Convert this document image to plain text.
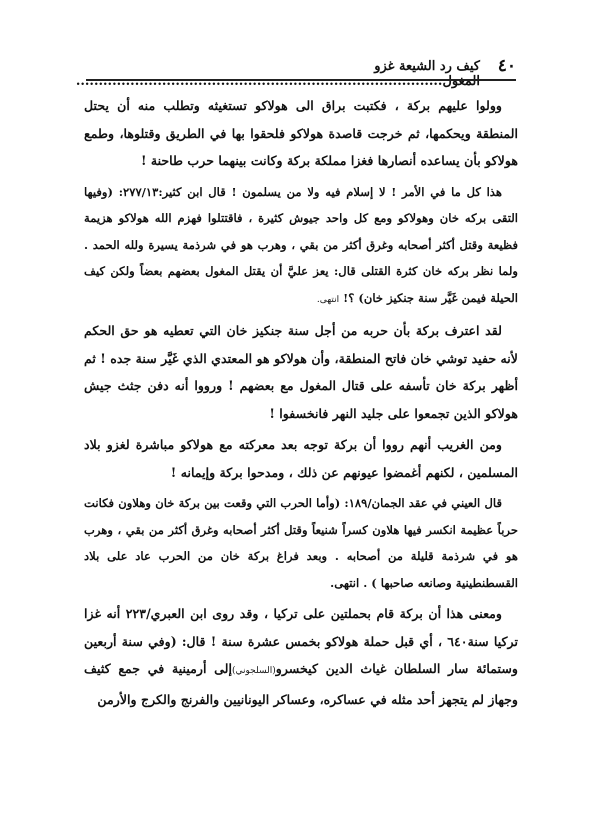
٤٠
كيف رد الشيعة غزو المغول.................................................................................

وولوا عليهم بركة ، فكتبت براق الى هولاكو تستغيثه وتطلب منه أن يحتل المنطقة ويحكمها، ثم خرجت قاصدة هولاكو فلحقوا بها في الطريق وقتلوها، وطمع هولاكو بأن يساعده أنصارها فغزا مملكة بركة وكانت بينهما حرب طاحنة !

هذا كل ما في الأمر ! لا إسلام فيه ولا من يسلمون ! قال ابن كثير:٢٧٧/١٣: (وفيها التقى بركه خان وهولاكو ومع كل واحد جيوش كثيرة ، فاقتتلوا فهزم الله هولاكو هزيمة فظيعة وقتل أكثر أصحابه وغرق أكثر من بقي ، وهرب هو في شرذمة يسيرة ولله الحمد . ولما نظر بركه خان كثرة القتلى قال: يعز عليَّ أن يقتل المغول بعضهم بعضاً ولكن كيف الحيلة فيمن غَيَّر سنة جنكيز خان) ؟! انتهى.

لقد اعترف بركة بأن حربه من أجل سنة جنكيز خان التي تعطيه هو حق الحكم لأنه حفيد توشي خان فاتح المنطقة، وأن هولاكو هو المعتدي الذي غَيَّر سنة جده ! ثم أظهر بركة خان تأسفه على قتال المغول مع بعضهم ! ورووا أنه دفن جثث جيش هولاكو الذين تجمعوا على جليد النهر فانخسفوا !

ومن الغريب أنهم رووا أن بركة توجه بعد معركته مع هولاكو مباشرة لغزو بلاد المسلمين ، لكنهم أغمضوا عيونهم عن ذلك ، ومدحوا بركة وإيمانه !

قال العيني في عقد الجمان/١٨٩: (وأما الحرب التي وقعت بين بركة خان وهلاون فكانت حرباً عظيمة انكسر فيها هلاون كسراً شنيعاً وقتل أكثر أصحابه وغرق أكثر من بقي ، وهرب هو في شرذمة قليلة من أصحابه . وبعد فراغ بركة خان من الحرب عاد على بلاد القسطنطينية وصانعه صاحبها ) . انتهى.

ومعنى هذا أن بركة قام بحملتين على تركيا ، وقد روى ابن العبري/٢٢٣ أنه غزا تركيا سنة٦٤٠ ، أي قبل حملة هولاكو بخمس عشرة سنة ! قال: (وفي سنة أربعين وستمائة سار السلطان غياث الدين كيخسرو(السلجوني)إلى أرمينية في جمع كثيف وجهاز لم يتجهز أحد مثله في عساكره، وعساكر اليونانيين والفرنج والكرج والأرمن
